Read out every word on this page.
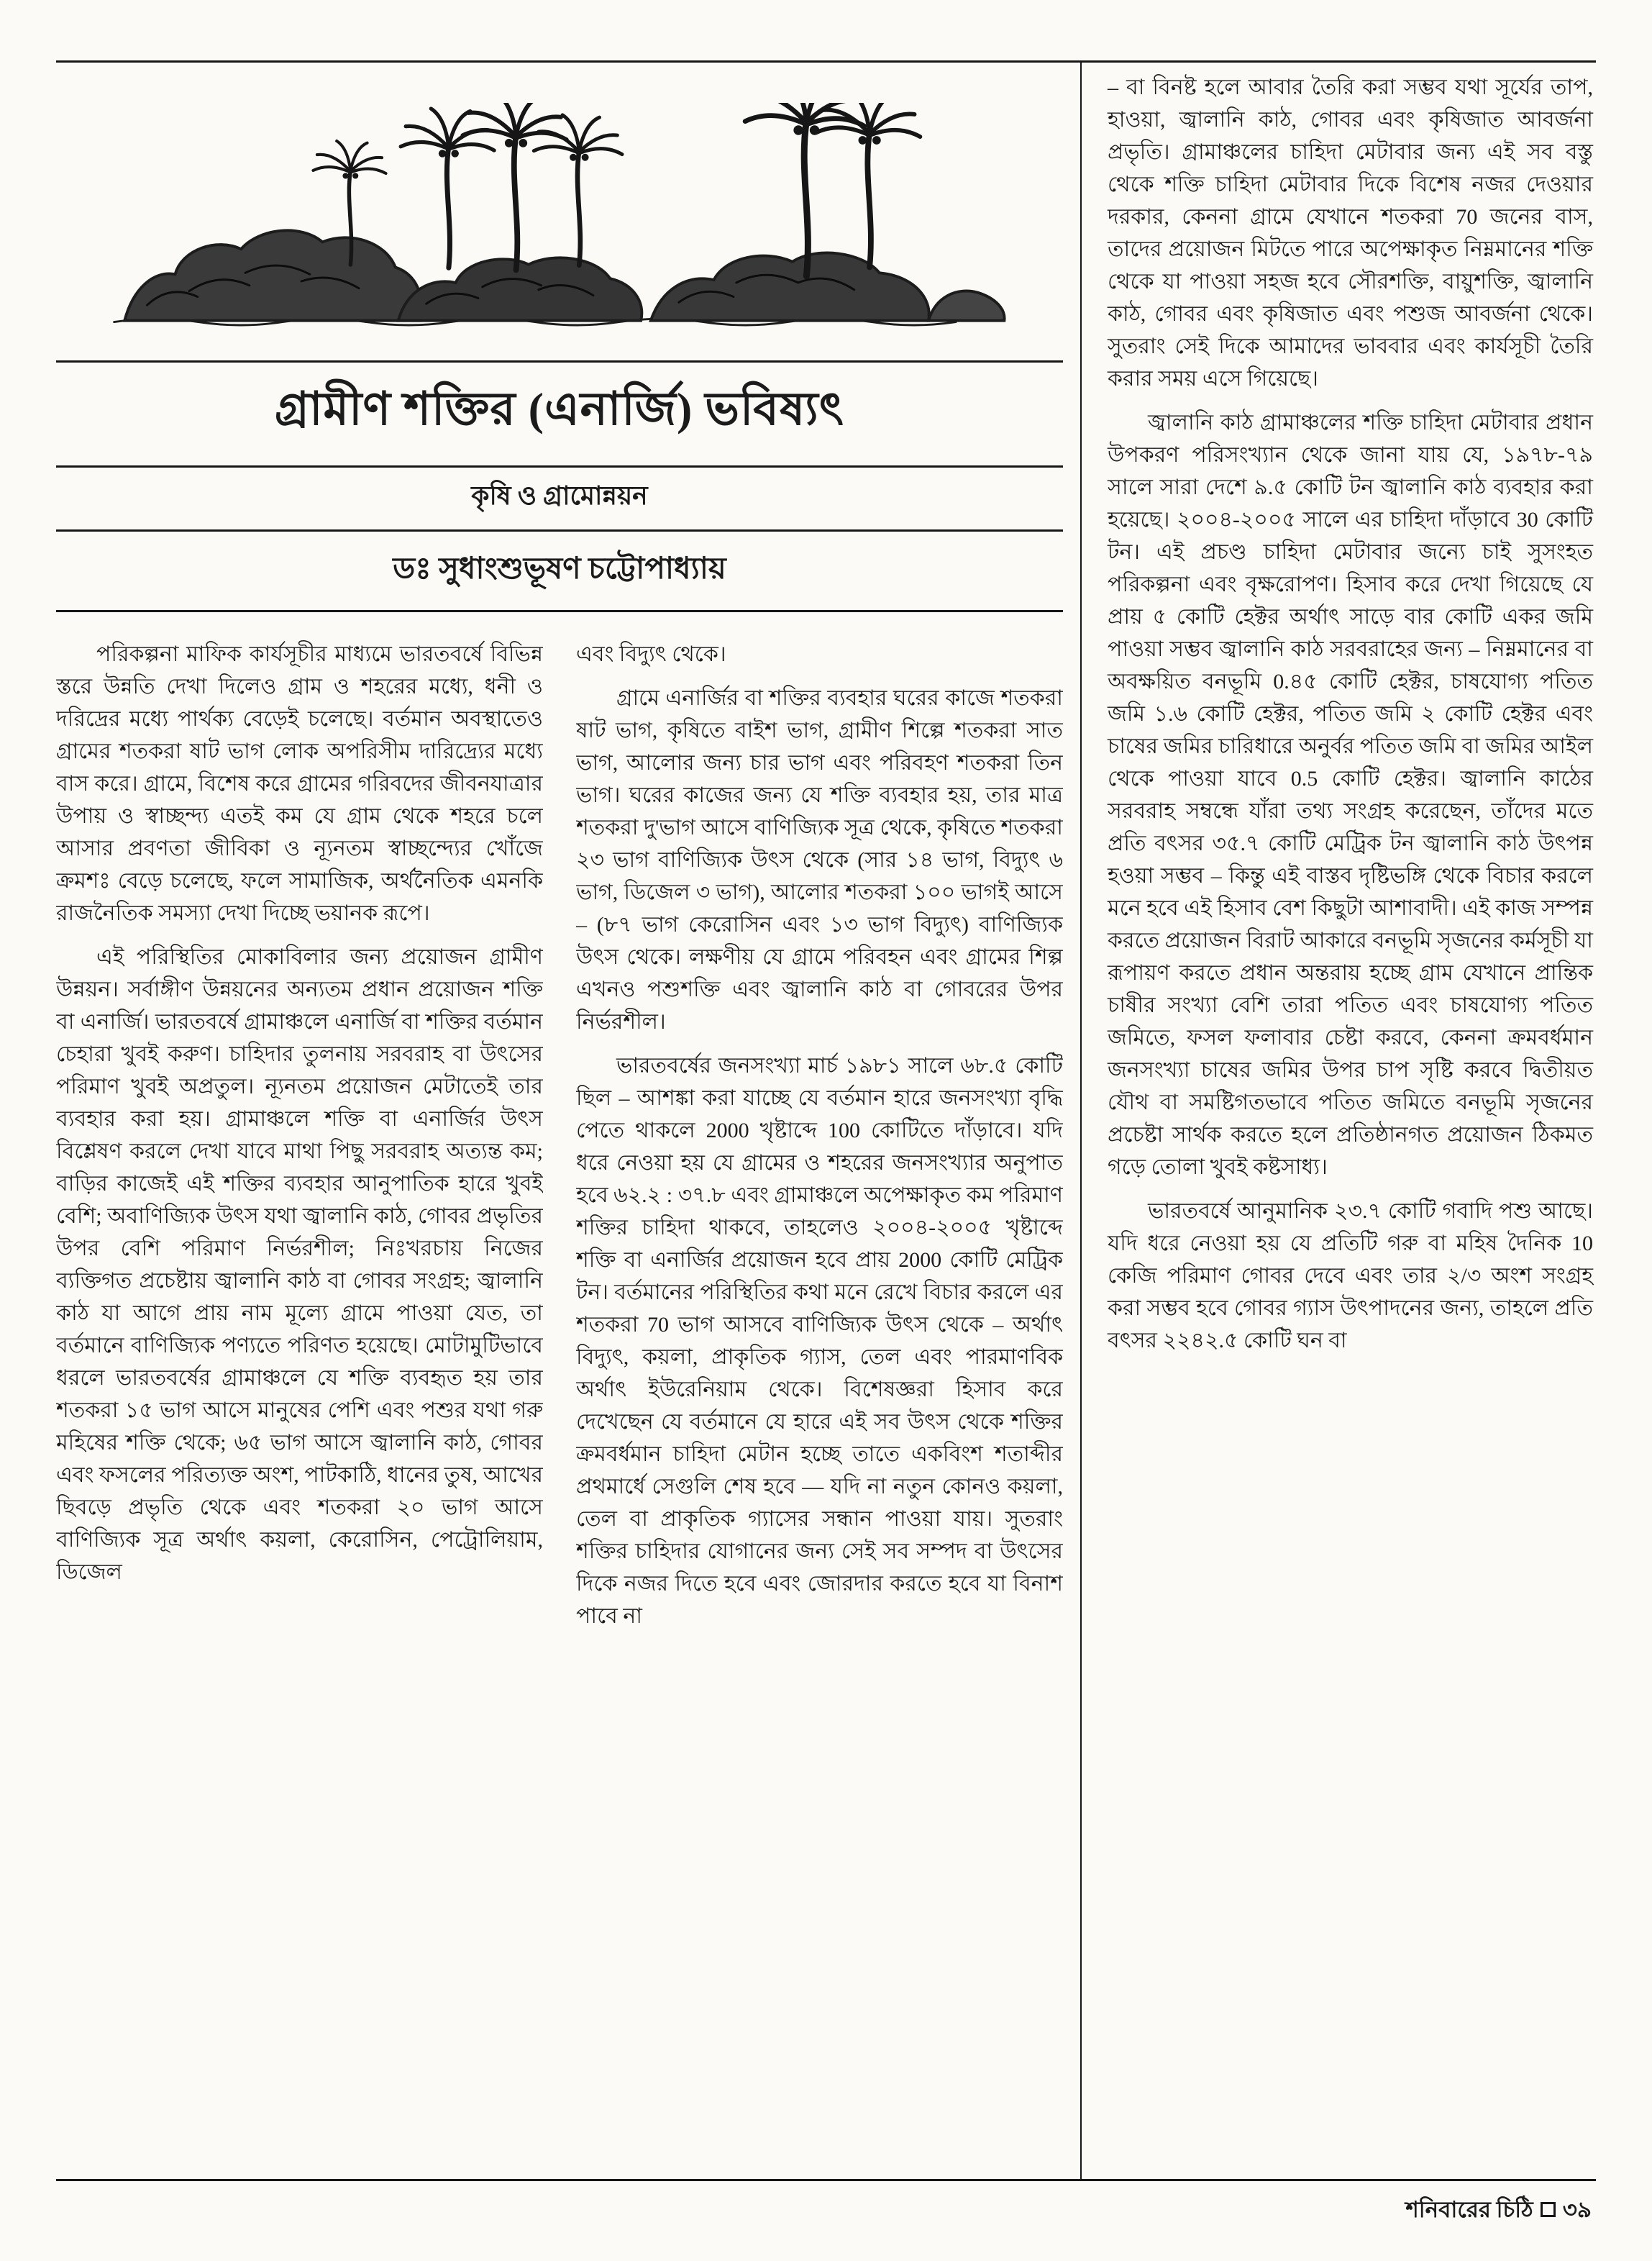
গ্রামীণ শক্তির (এনার্জি) ভবিষ্যৎ
কৃষি ও গ্রামোন্নয়ন
ডঃ সুধাংশুভূষণ চট্টোপাধ্যায়

পরিকল্পনা মাফিক কার্যসূচীর মাধ্যমে ভারতবর্ষে বিভিন্ন স্তরে উন্নতি দেখা দিলেও গ্রাম ও শহরের মধ্যে, ধনী ও দরিদ্রের মধ্যে পার্থক্য বেড়েই চলেছে। বর্তমান অবস্থাতেও গ্রামের শতকরা ষাট ভাগ লোক অপরিসীম দারিদ্র্যের মধ্যে বাস করে। গ্রামে, বিশেষ করে গ্রামের গরিবদের জীবনযাত্রার উপায় ও স্বাচ্ছন্দ্য এতই কম যে গ্রাম থেকে শহরে চলে আসার প্রবণতা জীবিকা ও ন্যূনতম স্বাচ্ছন্দ্যের খোঁজে ক্রমশঃ বেড়ে চলেছে, ফলে সামাজিক, অর্থনৈতিক এমনকি রাজনৈতিক সমস্যা দেখা দিচ্ছে ভয়ানক রূপে।

এই পরিস্থিতির মোকাবিলার জন্য প্রয়োজন গ্রামীণ উন্নয়ন। সর্বাঙ্গীণ উন্নয়নের অন্যতম প্রধান প্রয়োজন শক্তি বা এনার্জি। ভারতবর্ষে গ্রামাঞ্চলে এনার্জি বা শক্তির বর্তমান চেহারা খুবই করুণ। চাহিদার তুলনায় সরবরাহ বা উৎসের পরিমাণ খুবই অপ্রতুল। ন্যূনতম প্রয়োজন মেটাতেই তার ব্যবহার করা হয়। গ্রামাঞ্চলে শক্তি বা এনার্জির উৎস বিশ্লেষণ করলে দেখা যাবে মাথা পিছু সরবরাহ অত্যন্ত কম; বাড়ির কাজেই এই শক্তির ব্যবহার আনুপাতিক হারে খুবই বেশি; অবাণিজ্যিক উৎস যথা জ্বালানি কাঠ, গোবর প্রভৃতির উপর বেশি পরিমাণ নির্ভরশীল; নিঃখরচায় নিজের ব্যক্তিগত প্রচেষ্টায় জ্বালানি কাঠ বা গোবর সংগ্রহ; জ্বালানি কাঠ যা আগে প্রায় নাম মূল্যে গ্রামে পাওয়া যেত, তা বর্তমানে বাণিজ্যিক পণ্যতে পরিণত হয়েছে। মোটামুটিভাবে ধরলে ভারতবর্ষের গ্রামাঞ্চলে যে শক্তি ব্যবহৃত হয় তার শতকরা ১৫ ভাগ আসে মানুষের পেশি এবং পশুর যথা গরু মহিষের শক্তি থেকে; ৬৫ ভাগ আসে জ্বালানি কাঠ, গোবর এবং ফসলের পরিত্যক্ত অংশ, পাটকাঠি, ধানের তুষ, আখের ছিবড়ে প্রভৃতি থেকে এবং শতকরা ২০ ভাগ আসে বাণিজ্যিক সূত্র অর্থাৎ কয়লা, কেরোসিন, পেট্রোলিয়াম, ডিজেল

এবং বিদ্যুৎ থেকে।

গ্রামে এনার্জির বা শক্তির ব্যবহার ঘরের কাজে শতকরা ষাট ভাগ, কৃষিতে বাইশ ভাগ, গ্রামীণ শিল্পে শতকরা সাত ভাগ, আলোর জন্য চার ভাগ এবং পরিবহণ শতকরা তিন ভাগ। ঘরের কাজের জন্য যে শক্তি ব্যবহার হয়, তার মাত্র শতকরা দু'ভাগ আসে বাণিজ্যিক সূত্র থেকে, কৃষিতে শতকরা ২৩ ভাগ বাণিজ্যিক উৎস থেকে (সার ১৪ ভাগ, বিদ্যুৎ ৬ ভাগ, ডিজেল ৩ ভাগ), আলোর শতকরা ১০০ ভাগই আসে – (৮৭ ভাগ কেরোসিন এবং ১৩ ভাগ বিদ্যুৎ) বাণিজ্যিক উৎস থেকে। লক্ষণীয় যে গ্রামে পরিবহন এবং গ্রামের শিল্প এখনও পশুশক্তি এবং জ্বালানি কাঠ বা গোবরের উপর নির্ভরশীল।

ভারতবর্ষের জনসংখ্যা মার্চ ১৯৮১ সালে ৬৮.৫ কোটি ছিল – আশঙ্কা করা যাচ্ছে যে বর্তমান হারে জনসংখ্যা বৃদ্ধি পেতে থাকলে 2000 খৃষ্টাব্দে 100 কোটিতে দাঁড়াবে। যদি ধরে নেওয়া হয় যে গ্রামের ও শহরের জনসংখ্যার অনুপাত হবে ৬২.২ : ৩৭.৮ এবং গ্রামাঞ্চলে অপেক্ষাকৃত কম পরিমাণ শক্তির চাহিদা থাকবে, তাহলেও ২০০৪-২০০৫ খৃষ্টাব্দে শক্তি বা এনার্জির প্রয়োজন হবে প্রায় 2000 কোটি মেট্রিক টন। বর্তমানের পরিস্থিতির কথা মনে রেখে বিচার করলে এর শতকরা 70 ভাগ আসবে বাণিজ্যিক উৎস থেকে – অর্থাৎ বিদ্যুৎ, কয়লা, প্রাকৃতিক গ্যাস, তেল এবং পারমাণবিক অর্থাৎ ইউরেনিয়াম থেকে। বিশেষজ্ঞরা হিসাব করে দেখেছেন যে বর্তমানে যে হারে এই সব উৎস থেকে শক্তির ক্রমবর্ধমান চাহিদা মেটান হচ্ছে তাতে একবিংশ শতাব্দীর প্রথমার্ধে সেগুলি শেষ হবে — যদি না নতুন কোনও কয়লা, তেল বা প্রাকৃতিক গ্যাসের সন্ধান পাওয়া যায়। সুতরাং শক্তির চাহিদার যোগানের জন্য সেই সব সম্পদ বা উৎসের দিকে নজর দিতে হবে এবং জোরদার করতে হবে যা বিনাশ পাবে না

– বা বিনষ্ট হলে আবার তৈরি করা সম্ভব যথা সূর্যের তাপ, হাওয়া, জ্বালানি কাঠ, গোবর এবং কৃষিজাত আবর্জনা প্রভৃতি। গ্রামাঞ্চলের চাহিদা মেটাবার জন্য এই সব বস্তু থেকে শক্তি চাহিদা মেটাবার দিকে বিশেষ নজর দেওয়ার দরকার, কেননা গ্রামে যেখানে শতকরা 70 জনের বাস, তাদের প্রয়োজন মিটতে পারে অপেক্ষাকৃত নিম্নমানের শক্তি থেকে যা পাওয়া সহজ হবে সৌরশক্তি, বায়ুশক্তি, জ্বালানি কাঠ, গোবর এবং কৃষিজাত এবং পশুজ আবর্জনা থেকে। সুতরাং সেই দিকে আমাদের ভাববার এবং কার্যসূচী তৈরি করার সময় এসে গিয়েছে।

জ্বালানি কাঠ গ্রামাঞ্চলের শক্তি চাহিদা মেটাবার প্রধান উপকরণ পরিসংখ্যান থেকে জানা যায় যে, ১৯৭৮-৭৯ সালে সারা দেশে ৯.৫ কোটি টন জ্বালানি কাঠ ব্যবহার করা হয়েছে। ২০০৪-২০০৫ সালে এর চাহিদা দাঁড়াবে 30 কোটি টন। এই প্রচণ্ড চাহিদা মেটাবার জন্যে চাই সুসংহত পরিকল্পনা এবং বৃক্ষরোপণ। হিসাব করে দেখা গিয়েছে যে প্রায় ৫ কোটি হেক্টর অর্থাৎ সাড়ে বার কোটি একর জমি পাওয়া সম্ভব জ্বালানি কাঠ সরবরাহের জন্য – নিম্নমানের বা অবক্ষয়িত বনভূমি 0.৪৫ কোটি হেক্টর, চাষযোগ্য পতিত জমি ১.৬ কোটি হেক্টর, পতিত জমি ২ কোটি হেক্টর এবং চাষের জমির চারিধারে অনুর্বর পতিত জমি বা জমির আইল থেকে পাওয়া যাবে 0.5 কোটি হেক্টর। জ্বালানি কাঠের সরবরাহ সম্বন্ধে যাঁরা তথ্য সংগ্রহ করেছেন, তাঁদের মতে প্রতি বৎসর ৩৫.৭ কোটি মেট্রিক টন জ্বালানি কাঠ উৎপন্ন হওয়া সম্ভব – কিন্তু এই বাস্তব দৃষ্টিভঙ্গি থেকে বিচার করলে মনে হবে এই হিসাব বেশ কিছুটা আশাবাদী। এই কাজ সম্পন্ন করতে প্রয়োজন বিরাট আকারে বনভূমি সৃজনের কর্মসূচী যা রূপায়ণ করতে প্রধান অন্তরায় হচ্ছে গ্রাম যেখানে প্রান্তিক চাষীর সংখ্যা বেশি তারা পতিত এবং চাষযোগ্য পতিত জমিতে, ফসল ফলাবার চেষ্টা করবে, কেননা ক্রমবর্ধমান জনসংখ্যা চাষের জমির উপর চাপ সৃষ্টি করবে দ্বিতীয়ত যৌথ বা সমষ্টিগতভাবে পতিত জমিতে বনভূমি সৃজনের প্রচেষ্টা সার্থক করতে হলে প্রতিষ্ঠানগত প্রয়োজন ঠিকমত গড়ে তোলা খুবই কষ্টসাধ্য।

ভারতবর্ষে আনুমানিক ২৩.৭ কোটি গবাদি পশু আছে। যদি ধরে নেওয়া হয় যে প্রতিটি গরু বা মহিষ দৈনিক 10 কেজি পরিমাণ গোবর দেবে এবং তার ২/৩ অংশ সংগ্রহ করা সম্ভব হবে গোবর গ্যাস উৎপাদনের জন্য, তাহলে প্রতি বৎসর ২২৪২.৫ কোটি ঘন বা

শনিবারের চিঠি ৩৯
